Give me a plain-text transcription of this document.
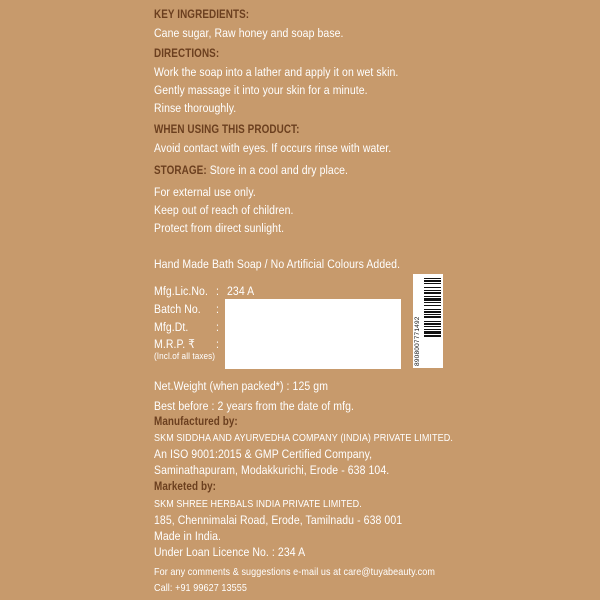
KEY INGREDIENTS:
Cane sugar, Raw honey and soap base.
DIRECTIONS:
Work the soap into a lather and apply it on wet skin.
Gently massage it into your skin for a minute.
Rinse thoroughly.
WHEN USING THIS PRODUCT:
Avoid contact with eyes. If occurs rinse with water.
STORAGE: Store in a cool and dry place.
For external use only.
Keep out of reach of children.
Protect from direct sunlight.
Hand Made Bath Soap / No Artificial Colours Added.
Mfg.Lic.No. : 234 A
Batch No. :
Mfg.Dt. :
M.R.P. ₹ :
(Incl.of all taxes)	8908007771492
Net.Weight (when packed*) : 125 gm
Best before : 2 years from the date of mfg.
Manufactured by:
SKM SIDDHA AND AYURVEDHA COMPANY (INDIA) PRIVATE LIMITED.
An ISO 9001:2015 & GMP Certified Company,
Saminathapuram, Modakkurichi, Erode - 638 104.
Marketed by:
SKM SHREE HERBALS INDIA PRIVATE LIMITED.
185, Chennimalai Road, Erode, Tamilnadu - 638 001
Made in India.
Under Loan Licence No. : 234 A
For any comments & suggestions e-mail us at care@tuyabeauty.com
Call: +91 99627 13555
